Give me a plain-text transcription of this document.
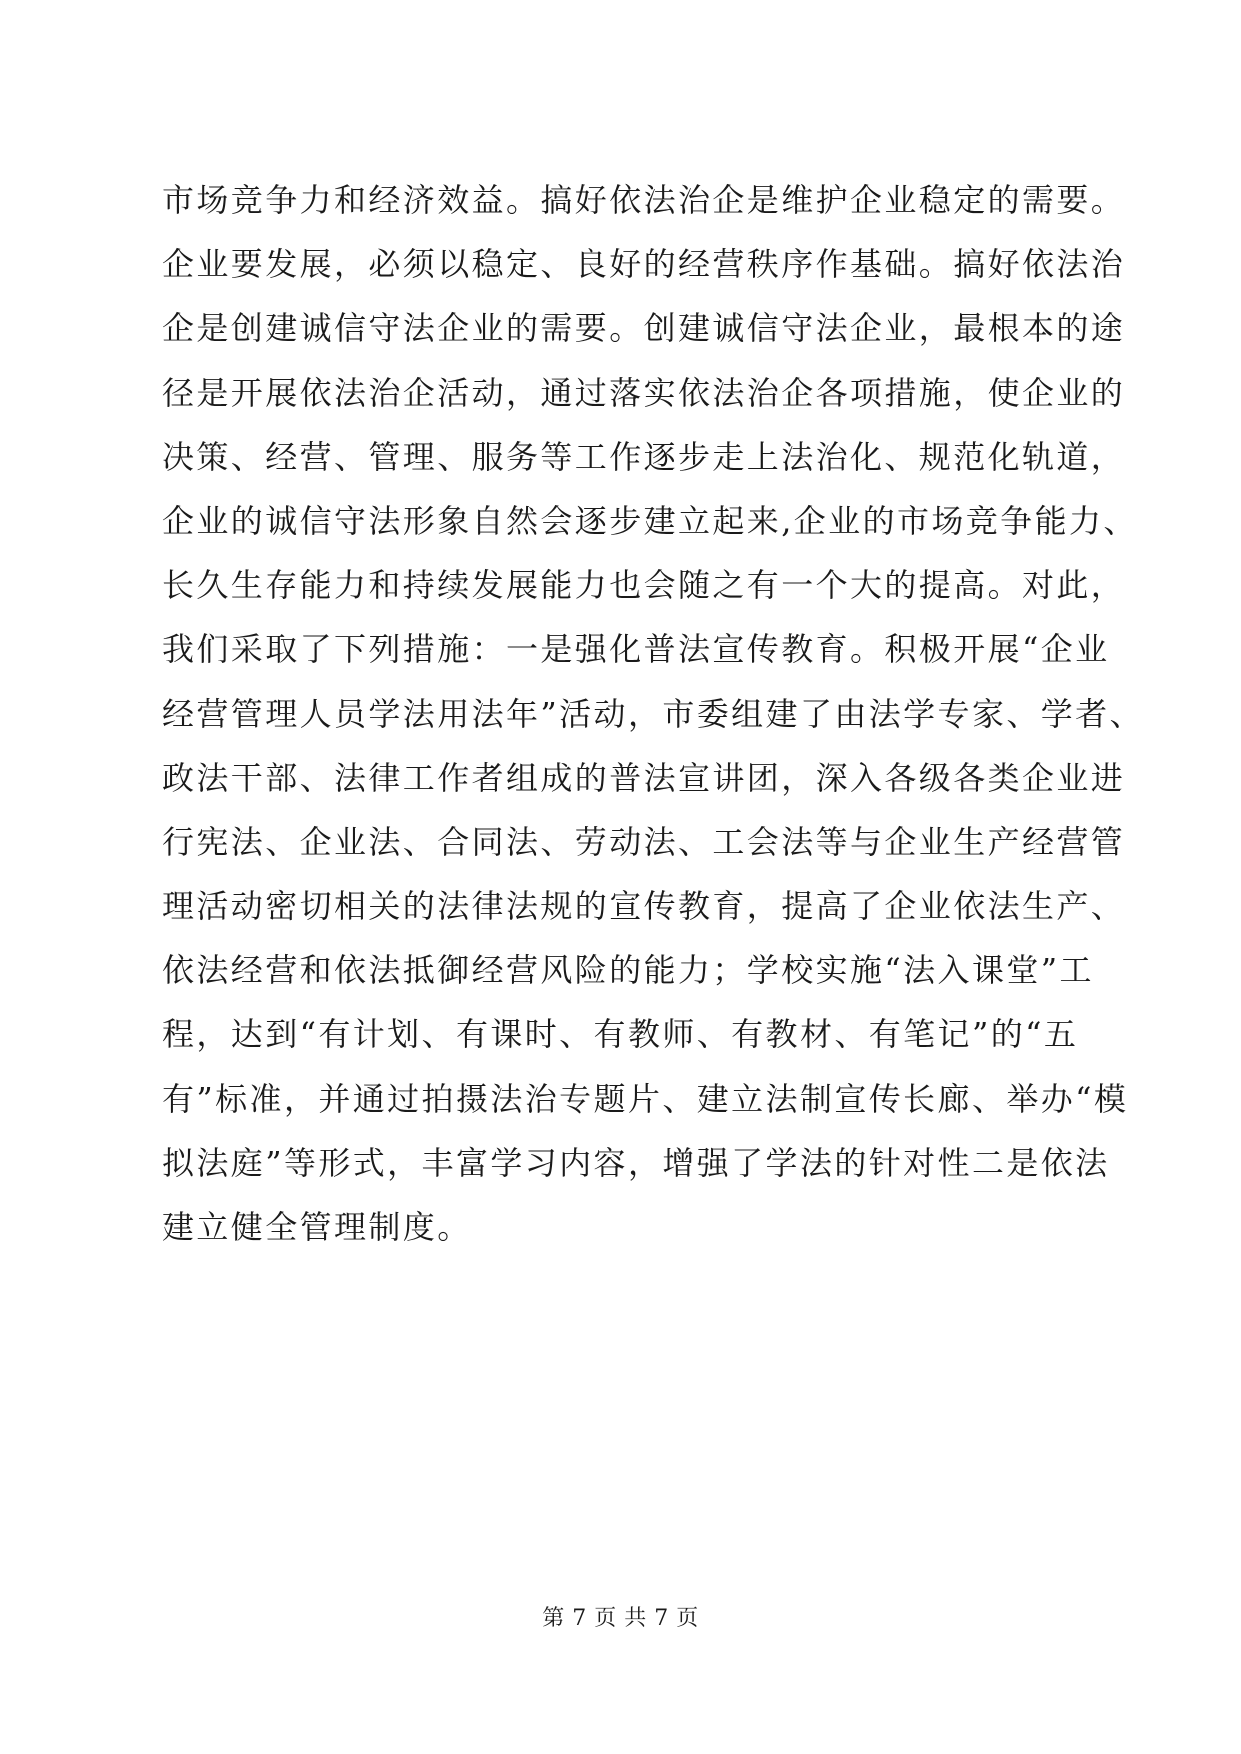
市场竞争力和经济效益。搞好依法治企是维护企业稳定的需要。
企业要发展，必须以稳定、良好的经营秩序作基础。搞好依法治
企是创建诚信守法企业的需要。创建诚信守法企业，最根本的途
径是开展依法治企活动，通过落实依法治企各项措施，使企业的
决策、经营、管理、服务等工作逐步走上法治化、规范化轨道，
企业的诚信守法形象自然会逐步建立起来,企业的市场竞争能力、
长久生存能力和持续发展能力也会随之有一个大的提高。对此，
我们采取了下列措施：一是强化普法宣传教育。积极开展“企业
经营管理人员学法用法年”活动，市委组建了由法学专家、学者、
政法干部、法律工作者组成的普法宣讲团，深入各级各类企业进
行宪法、企业法、合同法、劳动法、工会法等与企业生产经营管
理活动密切相关的法律法规的宣传教育，提高了企业依法生产、
依法经营和依法抵御经营风险的能力；学校实施“法入课堂”工
程，达到“有计划、有课时、有教师、有教材、有笔记”的“五
有”标准，并通过拍摄法治专题片、建立法制宣传长廊、举办“模
拟法庭”等形式，丰富学习内容，增强了学法的针对性二是依法
建立健全管理制度。
第 7 页 共 7 页
